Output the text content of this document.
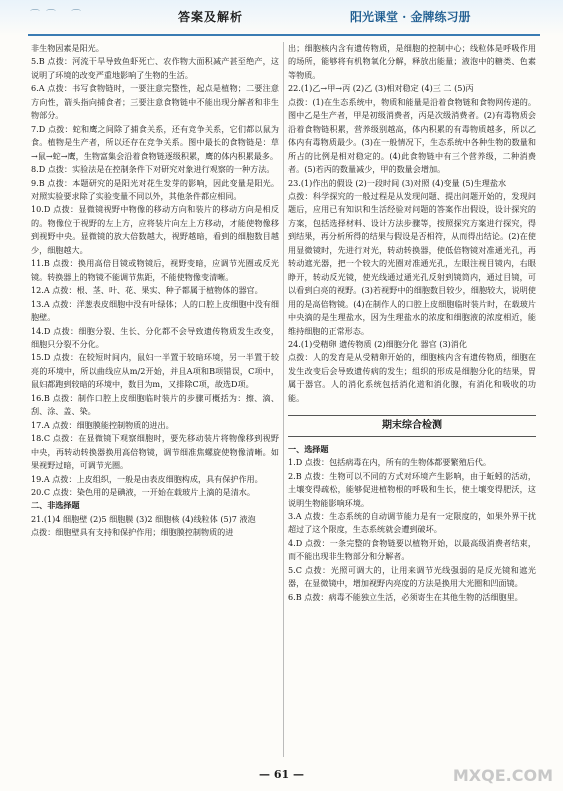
⌒⌒ ⌒	答案及解析	阳光课堂 · 金牌练习册

非生物因素是阳光。

5.B 点拨：河流干旱导致鱼虾死亡、农作物大面积减产甚至绝产，这说明了环境的改变严重地影响了生物的生活。

6.A 点拨：书写食物链时，一要注意完整性，起点是植物；二要注意方向性，箭头指向捕食者；三要注意食物链中不能出现分解者和非生物部分。

7.D 点拨：蛇和鹰之间除了捕食关系，还有竞争关系，它们都以鼠为食。植物是生产者，所以还存在竞争关系。图中最长的食物链是：草→鼠→蛇→鹰，生物富集会沿着食物链逐级积累，鹰的体内积累最多。

8.D 点拨：实验法是在控制条件下对研究对象进行观察的一种方法。

9.B 点拨：本题研究的是阳光对花生发芽的影响，因此变量是阳光。对照实验要求除了实验变量不同以外，其他条件都应相同。

10.D 点拨：显微镜视野中物像的移动方向和装片的移动方向是相反的。物像位于视野的左上方，应将装片向左上方移动，才能使物像移到视野中央。显微镜的放大倍数越大，视野越暗，看到的细胞数目越少，细胞越大。

11.B 点拨：换用高倍目镜或物镜后，视野变暗，应调节光圈或反光镜。转换器上的物镜不能调节焦距，不能使物像变清晰。

12.A 点拨：根、茎、叶、花、果实、种子都属于植物体的器官。

13.A 点拨：洋葱表皮细胞中没有叶绿体；人的口腔上皮细胞中没有细胞壁。

14.D 点拨：细胞分裂、生长、分化都不会导致遗传物质发生改变，细胞只分裂不分化。

15.D 点拨：在较短时间内，鼠妇一半置于较暗环境，另一半置于较亮的环境中，所以曲线应从m/2开始，并且A项和B项错误，C项中，鼠妇都跑到较暗的环境中，数目为m，又排除C项，故选D项。

16.B 点拨：制作口腔上皮细胞临时装片的步骤可概括为：擦、滴、刮、涂、盖、染。

17.A 点拨：细胞膜能控制物质的进出。

18.C 点拨：在显微镜下观察细胞时，要先移动装片将物像移到视野中央，再转动转换器换用高倍物镜，调节细准焦螺旋使物像清晰。如果视野过暗，可调节光圈。

19.A 点拨：上皮组织，一般是由表皮细胞构成，具有保护作用。

20.C 点拨：染色用的是碘液，一开始在载玻片上滴的是清水。

二、非选择题

21.(1)4 细胞壁 (2)5 细胞膜 (3)2 细胞核 (4)线粒体 (5)7 液泡

点拨：细胞壁具有支持和保护作用；细胞膜控制物质的进

出；细胞核内含有遗传物质，是细胞的控制中心；线粒体是呼吸作用的场所，能够将有机物氧化分解，释放出能量；液泡中的糖类、色素等物质。

22.(1)乙→甲→丙 (2)乙 (3)相对稳定 (4)三 二 (5)丙

点拨：(1)在生态系统中，物质和能量是沿着食物链和食物网传递的。图中乙是生产者，甲是初级消费者，丙是次级消费者。(2)有毒物质会沿着食物链积累，营养级别越高，体内积累的有毒物质越多，所以乙体内有毒物质最少。(3)在一般情况下，生态系统中各种生物的数量和所占的比例是相对稳定的。(4)此食物链中有三个营养级，二种消费者。(5)若丙的数量减少，甲的数量会增加。

23.(1)作出的假设 (2)一段时间 (3)对照 (4)变量 (5)生理盐水

点拨：科学探究的一般过程是从发现问题、提出问题开始的，发现问题后，应用已有知识和生活经验对问题的答案作出假设，设计探究的方案，包括选择材料、设计方法步骤等，按照探究方案进行探究，得到结果，再分析所得的结果与假设是否相符，从而得出结论。(2)在使用显微镜时，先进行对光，转动转换器，使低倍物镜对准通光孔，再转动遮光器，把一个较大的光圈对准通光孔，左眼注视目镜内，右眼睁开，转动反光镜，使光线通过通光孔反射到镜筒内，通过目镜，可以看到白亮的视野。(3)若视野中的细胞数目较少，细胞较大，说明使用的是高倍物镜。(4)在制作人的口腔上皮细胞临时装片时，在载玻片中央滴的是生理盐水，因为生理盐水的浓度和细胞液的浓度相近，能维持细胞的正常形态。

24.(1)受精卵 遗传物质 (2)细胞分化 器官 (3)消化

点拨：人的发育是从受精卵开始的，细胞核内含有遗传物质，细胞在发生改变后会导致遗传病的发生；组织的形成是细胞分化的结果，胃属于器官。人的消化系统包括消化道和消化腺，有消化和吸收的功能。

期末综合检测

一、选择题

1.D 点拨：包括病毒在内，所有的生物体都要繁殖后代。

2.B 点拨：生物可以不同的方式对环境产生影响，由于蚯蚓的活动，土壤变得疏松，能够促进植物根的呼吸和生长，使土壤变得肥沃，这说明生物能影响环境。

3.A 点拨：生态系统的自动调节能力是有一定限度的，如果外界干扰超过了这个限度，生态系统就会遭到破坏。

4.D 点拨：一条完整的食物链要以植物开始，以最高级消费者结束，而不能出现非生物部分和分解者。

5.C 点拨：光照可调大的，让用来调节光线强弱的是反光镜和遮光器，在显微镜中，增加视野内亮度的方法是换用大光圈和凹面镜。

6.B 点拨：病毒不能独立生活，必须寄生在其他生物的活细胞里。

— 61 —	MXQE.COM
